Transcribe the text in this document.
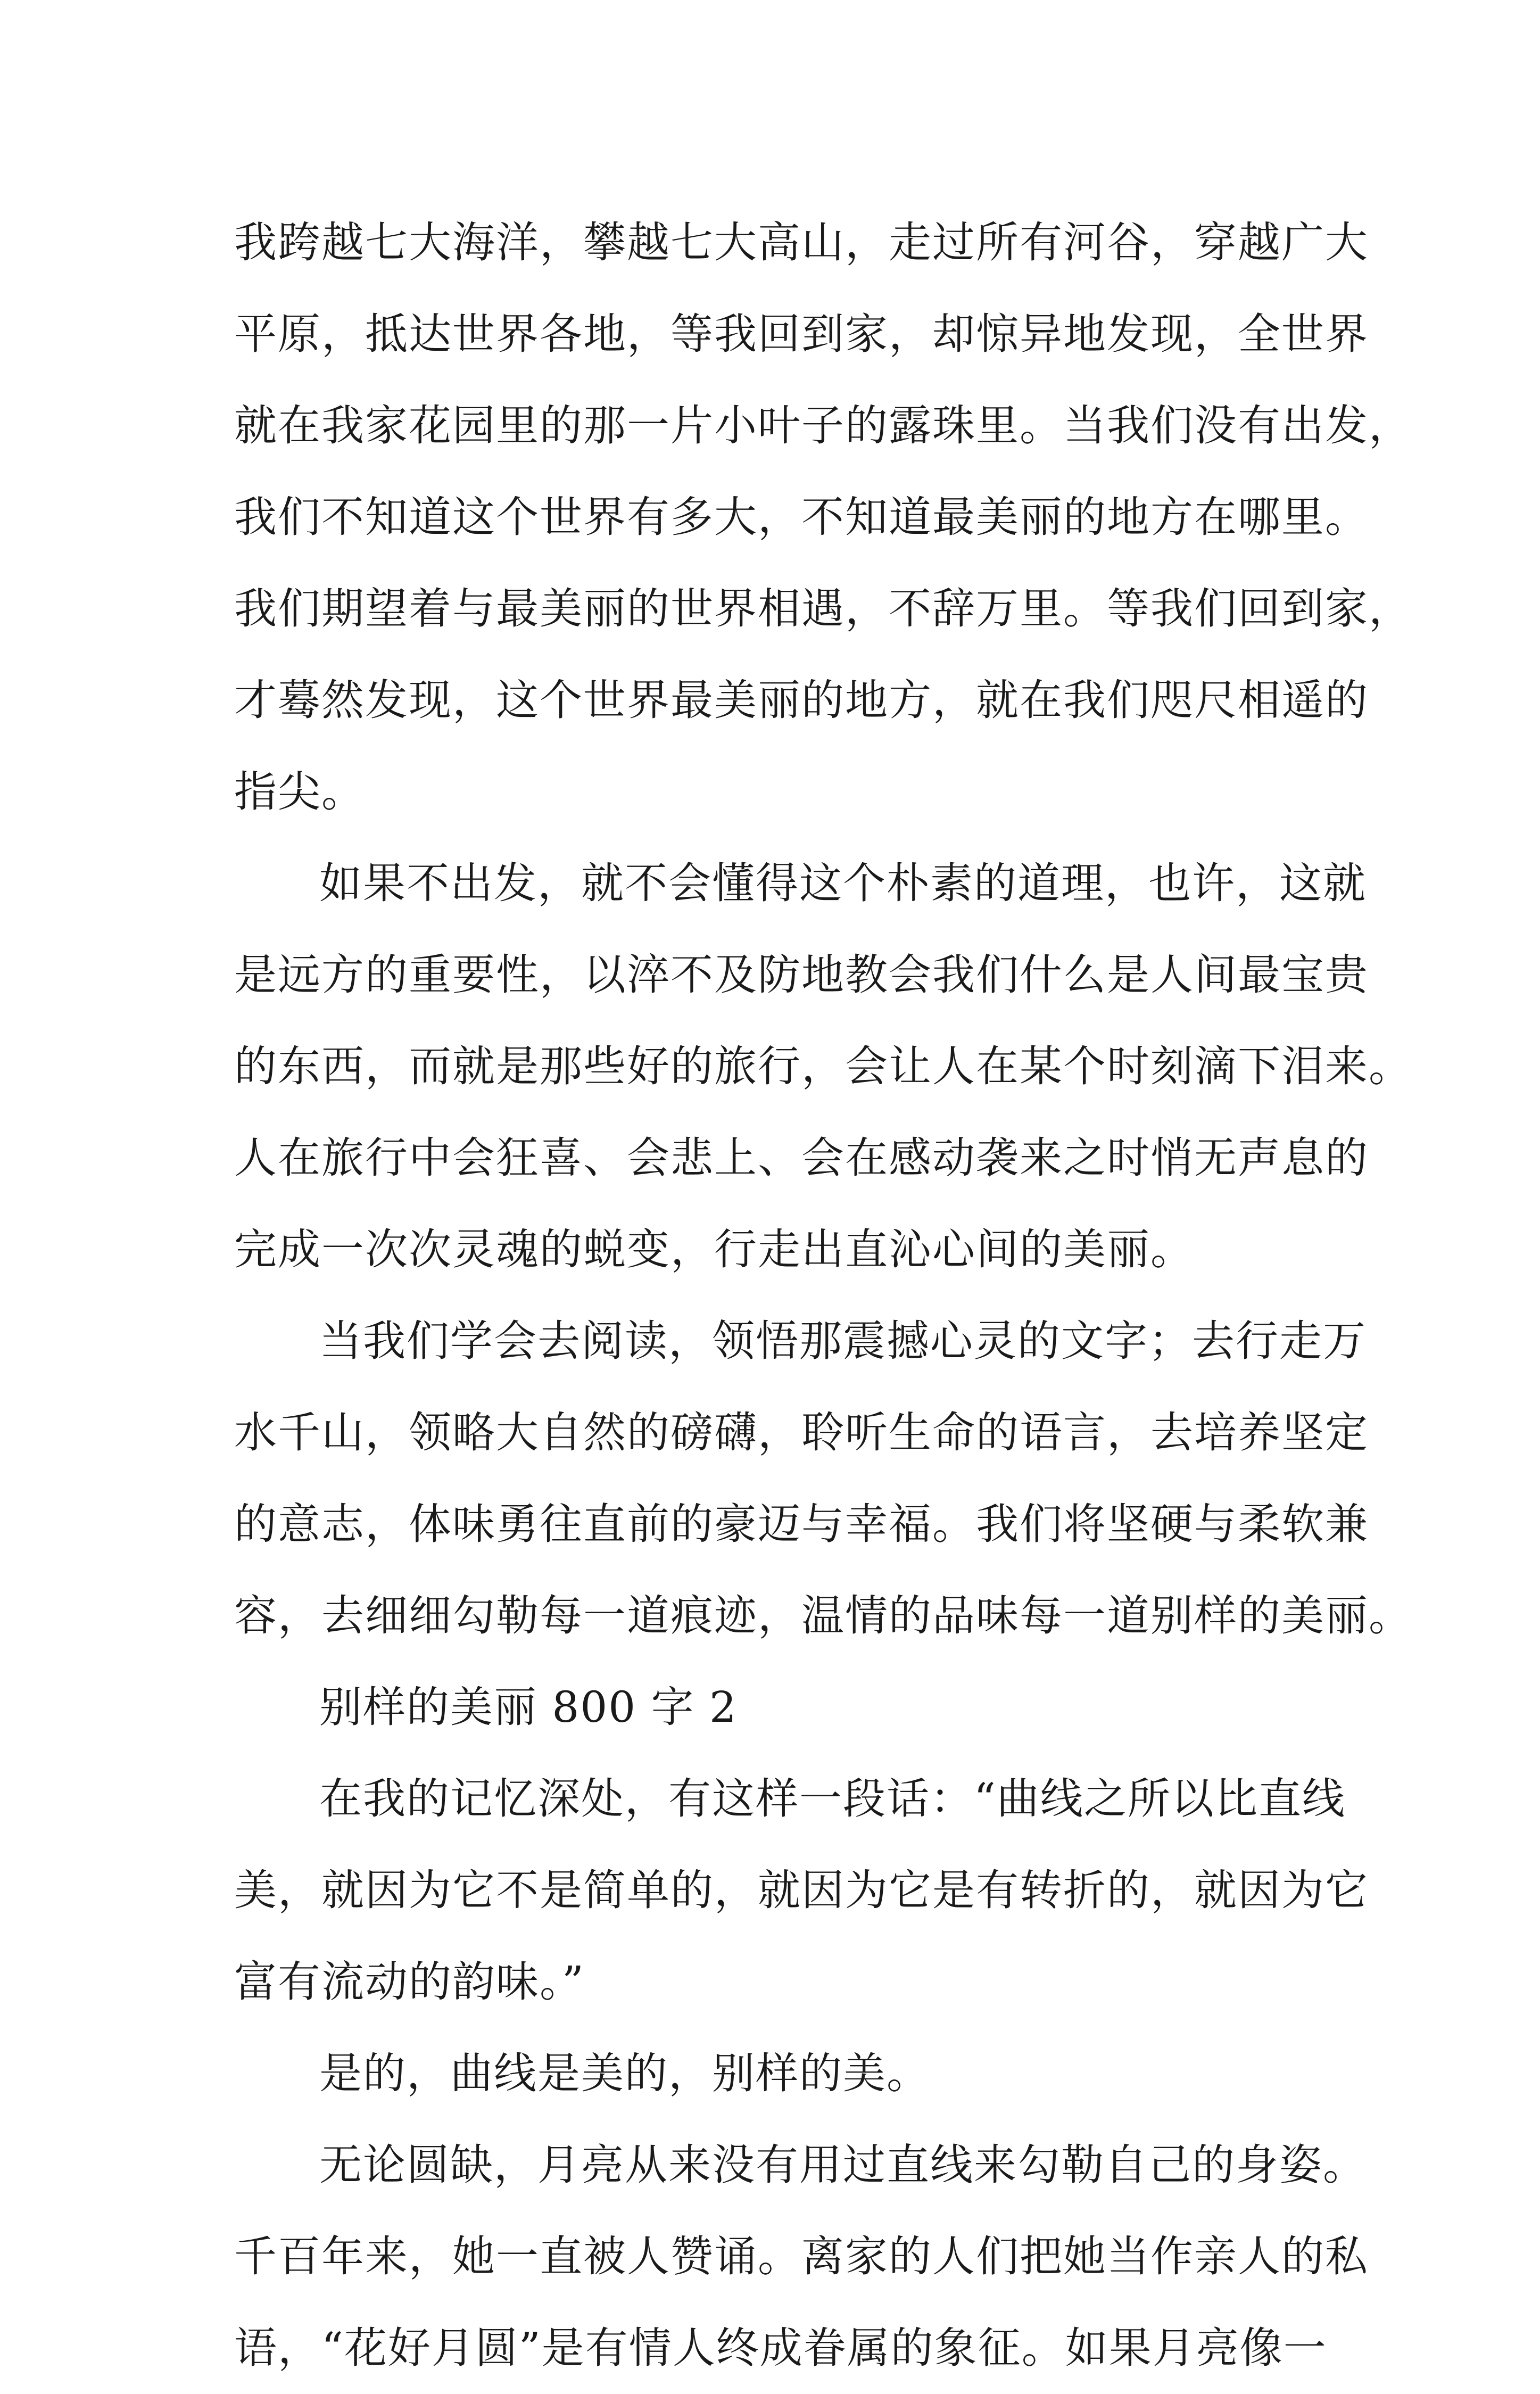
我跨越七大海洋，攀越七大高山，走过所有河谷，穿越广大
平原，抵达世界各地，等我回到家，却惊异地发现，全世界
就在我家花园里的那一片小叶子的露珠里。当我们没有出发，
我们不知道这个世界有多大，不知道最美丽的地方在哪里。
我们期望着与最美丽的世界相遇，不辞万里。等我们回到家，
才蓦然发现，这个世界最美丽的地方，就在我们咫尺相遥的
指尖。
如果不出发，就不会懂得这个朴素的道理，也许，这就
是远方的重要性，以淬不及防地教会我们什么是人间最宝贵
的东西，而就是那些好的旅行，会让人在某个时刻滴下泪来。
人在旅行中会狂喜、会悲上、会在感动袭来之时悄无声息的
完成一次次灵魂的蜕变，行走出直沁心间的美丽。
当我们学会去阅读，领悟那震撼心灵的文字；去行走万
水千山，领略大自然的磅礴，聆听生命的语言，去培养坚定
的意志，体味勇往直前的豪迈与幸福。我们将坚硬与柔软兼
容，去细细勾勒每一道痕迹，温情的品味每一道别样的美丽。
别样的美丽 800 字 2
在我的记忆深处，有这样一段话：“曲线之所以比直线
美，就因为它不是简单的，就因为它是有转折的，就因为它
富有流动的韵味。”
是的，曲线是美的，别样的美。
无论圆缺，月亮从来没有用过直线来勾勒自己的身姿。
千百年来，她一直被人赞诵。离家的人们把她当作亲人的私
语，“花好月圆”是有情人终成眷属的象征。如果月亮像一
